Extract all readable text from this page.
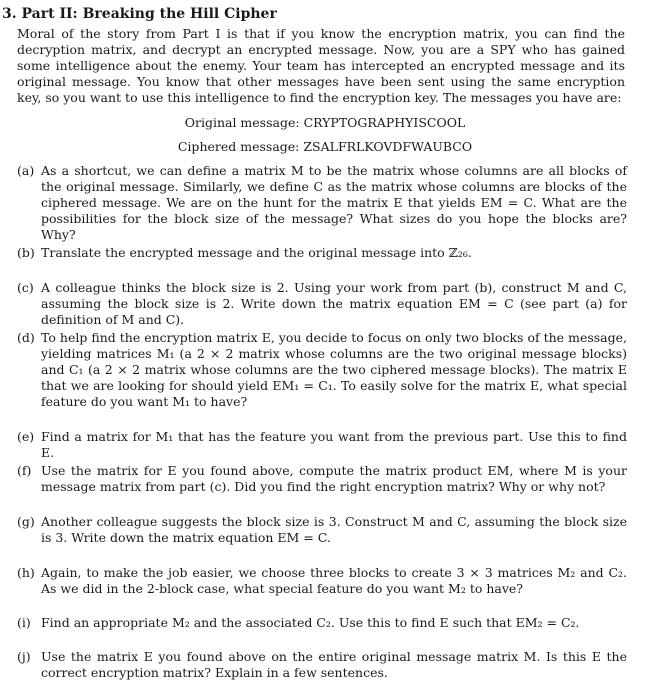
3. Part II: Breaking the Hill Cipher
Moral of the story from Part I is that if you know the encryption matrix, you can find the decryption matrix, and decrypt an encrypted message. Now, you are a SPY who has gained some intelligence about the enemy. Your team has intercepted an encrypted message and its original message. You know that other messages have been sent using the same encryption key, so you want to use this intelligence to find the encryption key. The messages you have are:
Original message: CRYPTOGRAPHYISCOOL
Ciphered message: ZSALFRLKOVDFWAUBCO
(a) As a shortcut, we can define a matrix M to be the matrix whose columns are all blocks of the original message. Similarly, we define C as the matrix whose columns are blocks of the ciphered message. We are on the hunt for the matrix E that yields EM = C. What are the possibilities for the block size of the message? What sizes do you hope the blocks are? Why?
(b) Translate the encrypted message and the original message into ℤ₂₆.
(c) A colleague thinks the block size is 2. Using your work from part (b), construct M and C, assuming the block size is 2. Write down the matrix equation EM = C (see part (a) for definition of M and C).
(d) To help find the encryption matrix E, you decide to focus on only two blocks of the message, yielding matrices M₁ (a 2 × 2 matrix whose columns are the two original message blocks) and C₁ (a 2 × 2 matrix whose columns are the two ciphered message blocks). The matrix E that we are looking for should yield EM₁ = C₁. To easily solve for the matrix E, what special feature do you want M₁ to have?
(e) Find a matrix for M₁ that has the feature you want from the previous part. Use this to find E.
(f) Use the matrix for E you found above, compute the matrix product EM, where M is your message matrix from part (c). Did you find the right encryption matrix? Why or why not?
(g) Another colleague suggests the block size is 3. Construct M and C, assuming the block size is 3. Write down the matrix equation EM = C.
(h) Again, to make the job easier, we choose three blocks to create 3 × 3 matrices M₂ and C₂. As we did in the 2-block case, what special feature do you want M₂ to have?
(i) Find an appropriate M₂ and the associated C₂. Use this to find E such that EM₂ = C₂.
(j) Use the matrix E you found above on the entire original message matrix M. Is this E the correct encryption matrix? Explain in a few sentences.
